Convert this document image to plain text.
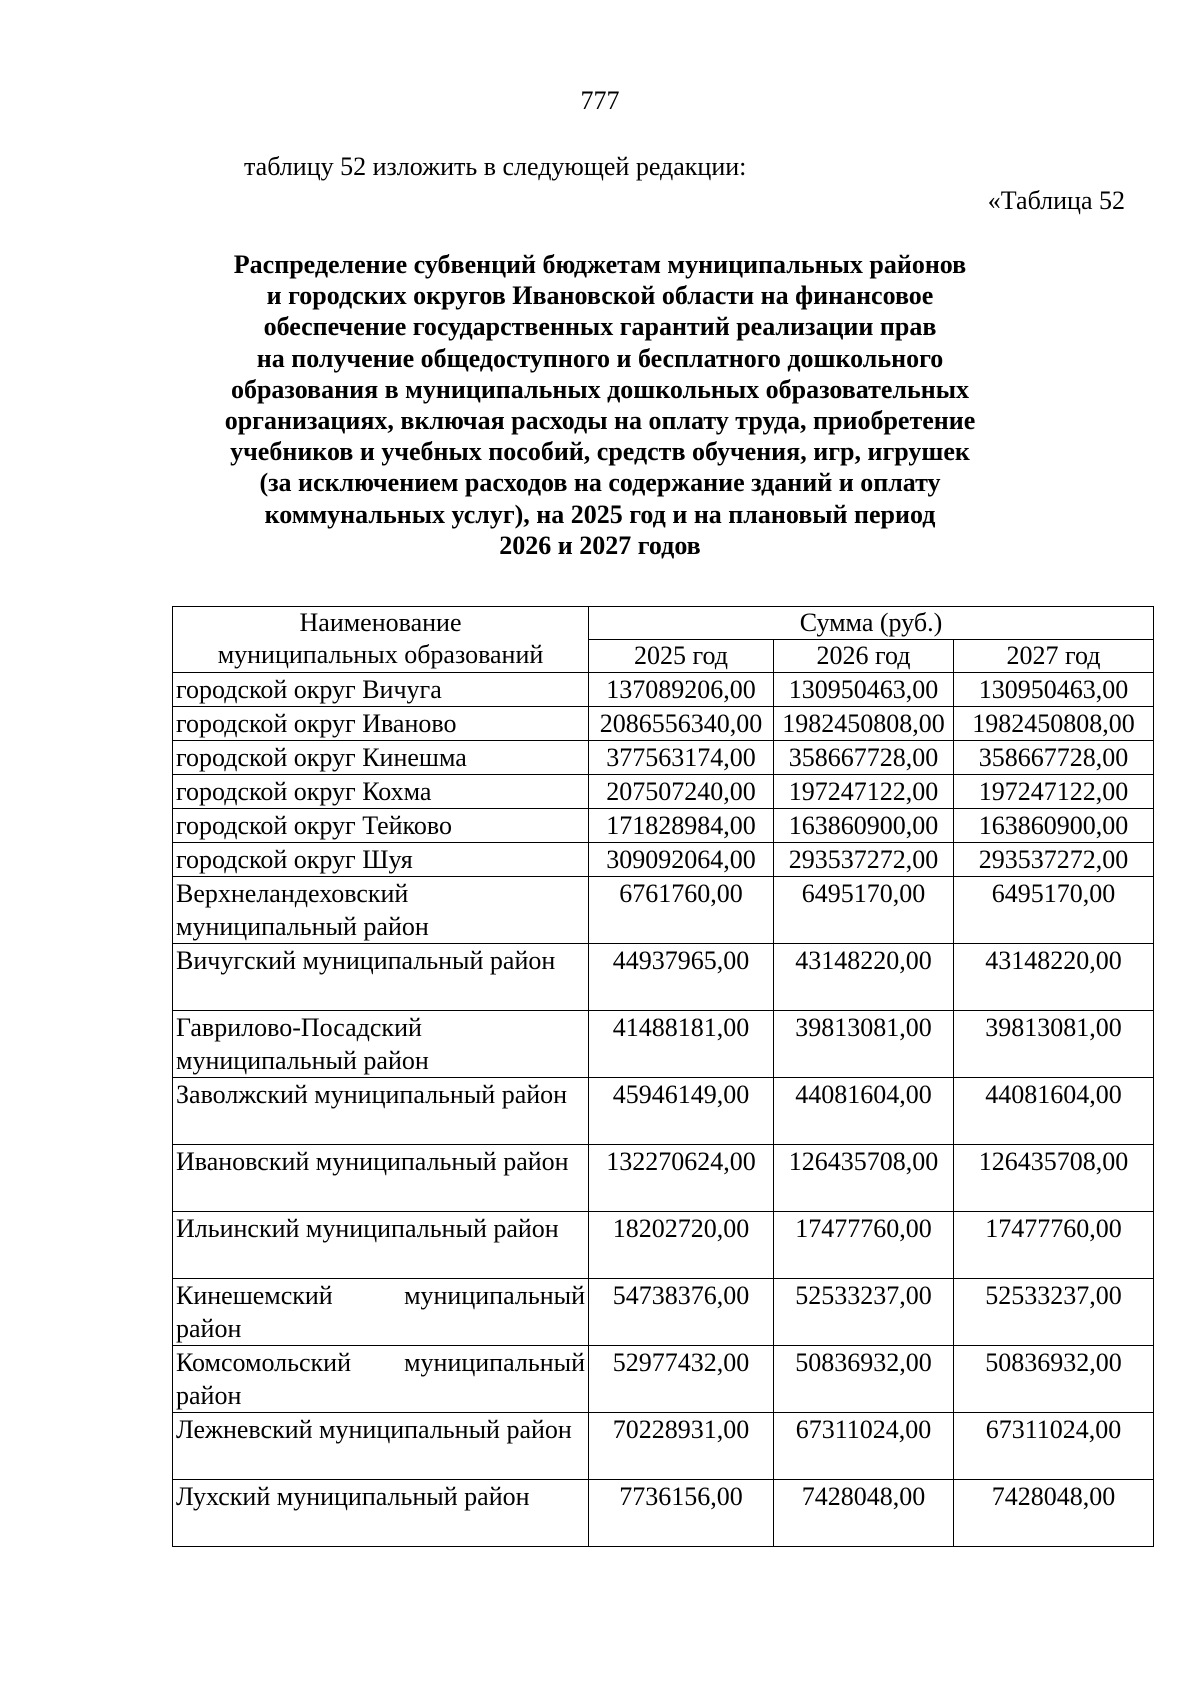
777
таблицу 52 изложить в следующей редакции:
«Таблица 52
Распределение субвенций бюджетам муниципальных районов
и городских округов Ивановской области на финансовое
обеспечение государственных гарантий реализации прав
на получение общедоступного и бесплатного дошкольного
образования в муниципальных дошкольных образовательных
организациях, включая расходы на оплату труда, приобретение
учебников и учебных пособий, средств обучения, игр, игрушек
(за исключением расходов на содержание зданий и оплату
коммунальных услуг), на 2025 год и на плановый период
2026 и 2027 годов
Наименование
муниципальных образований	Сумма (руб.)		
	2025 год	2026 год	2027 год
городской округ Вичуга	137089206,00	130950463,00	130950463,00
городской округ Иваново	2086556340,00	1982450808,00	1982450808,00
городской округ Кинешма	377563174,00	358667728,00	358667728,00
городской округ Кохма	207507240,00	197247122,00	197247122,00
городской округ Тейково	171828984,00	163860900,00	163860900,00
городской округ Шуя	309092064,00	293537272,00	293537272,00
Верхнеландеховский муниципальный район	6761760,00	6495170,00	6495170,00
Вичугский муниципальный район	44937965,00	43148220,00	43148220,00
Гаврилово-Посадский муниципальный район	41488181,00	39813081,00	39813081,00
Заволжский муниципальный район	45946149,00	44081604,00	44081604,00
Ивановский муниципальный район	132270624,00	126435708,00	126435708,00
Ильинский муниципальный район	18202720,00	17477760,00	17477760,00
Кинешемский муниципальный район	54738376,00	52533237,00	52533237,00
Комсомольский муниципальный район	52977432,00	50836932,00	50836932,00
Лежневский муниципальный район	70228931,00	67311024,00	67311024,00
Лухский муниципальный район	7736156,00	7428048,00	7428048,00
